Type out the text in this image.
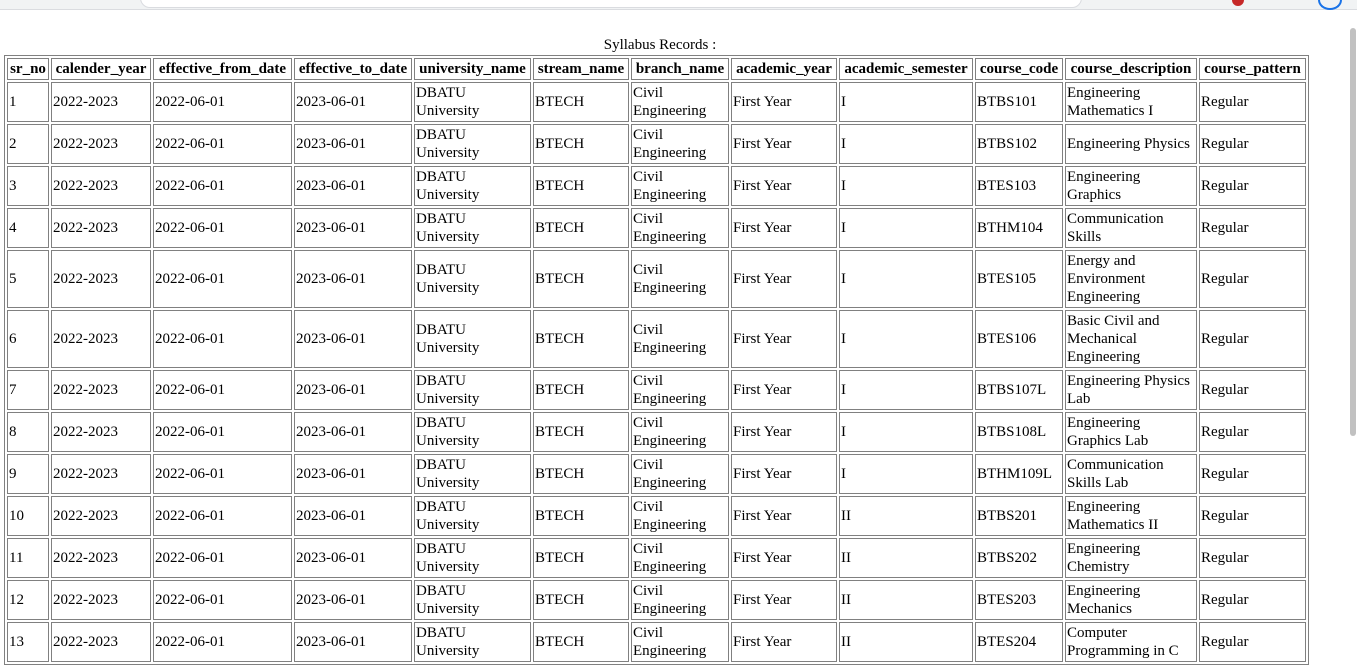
Syllabus Records :
sr_no	calender_year	effective_from_date	effective_to_date	university_name	stream_name	branch_name	academic_year	academic_semester	course_code	course_description	course_pattern
1	2022-2023	2022-06-01	2023-06-01	DBATU University	BTECH	Civil Engineering	First Year	I	BTBS101	Engineering Mathematics I	Regular
2	2022-2023	2022-06-01	2023-06-01	DBATU University	BTECH	Civil Engineering	First Year	I	BTBS102	Engineering Physics	Regular
3	2022-2023	2022-06-01	2023-06-01	DBATU University	BTECH	Civil Engineering	First Year	I	BTES103	Engineering Graphics	Regular
4	2022-2023	2022-06-01	2023-06-01	DBATU University	BTECH	Civil Engineering	First Year	I	BTHM104	Communication Skills	Regular
5	2022-2023	2022-06-01	2023-06-01	DBATU University	BTECH	Civil Engineering	First Year	I	BTES105	Energy and Environment Engineering	Regular
6	2022-2023	2022-06-01	2023-06-01	DBATU University	BTECH	Civil Engineering	First Year	I	BTES106	Basic Civil and Mechanical Engineering	Regular
7	2022-2023	2022-06-01	2023-06-01	DBATU University	BTECH	Civil Engineering	First Year	I	BTBS107L	Engineering Physics Lab	Regular
8	2022-2023	2022-06-01	2023-06-01	DBATU University	BTECH	Civil Engineering	First Year	I	BTBS108L	Engineering Graphics Lab	Regular
9	2022-2023	2022-06-01	2023-06-01	DBATU University	BTECH	Civil Engineering	First Year	I	BTHM109L	Communication Skills Lab	Regular
10	2022-2023	2022-06-01	2023-06-01	DBATU University	BTECH	Civil Engineering	First Year	II	BTBS201	Engineering Mathematics II	Regular
11	2022-2023	2022-06-01	2023-06-01	DBATU University	BTECH	Civil Engineering	First Year	II	BTBS202	Engineering Chemistry	Regular
12	2022-2023	2022-06-01	2023-06-01	DBATU University	BTECH	Civil Engineering	First Year	II	BTES203	Engineering Mechanics	Regular
13	2022-2023	2022-06-01	2023-06-01	DBATU University	BTECH	Civil Engineering	First Year	II	BTES204	Computer Programming in C	Regular
